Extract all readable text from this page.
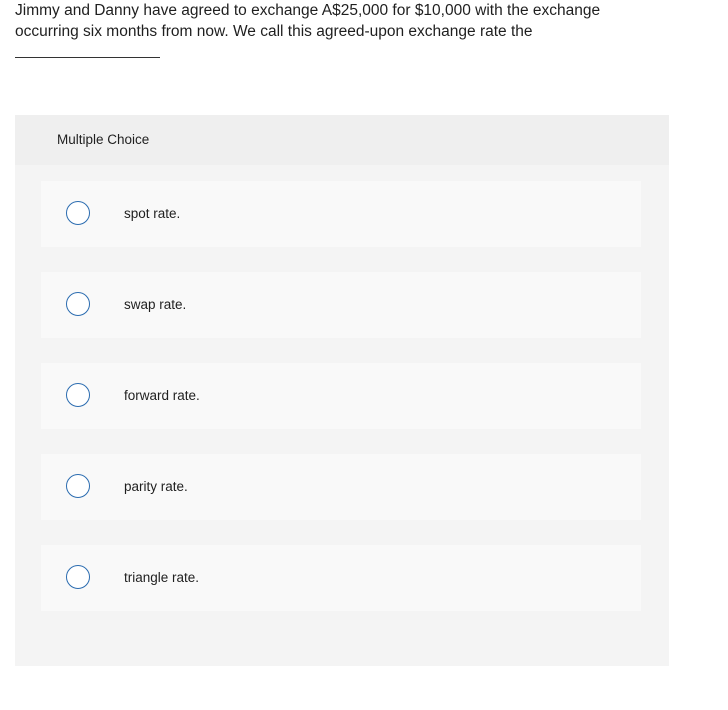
Jimmy and Danny have agreed to exchange A$25,000 for $10,000 with the exchange occurring six months from now. We call this agreed-upon exchange rate the
Multiple Choice
spot rate.
swap rate.
forward rate.
parity rate.
triangle rate.
